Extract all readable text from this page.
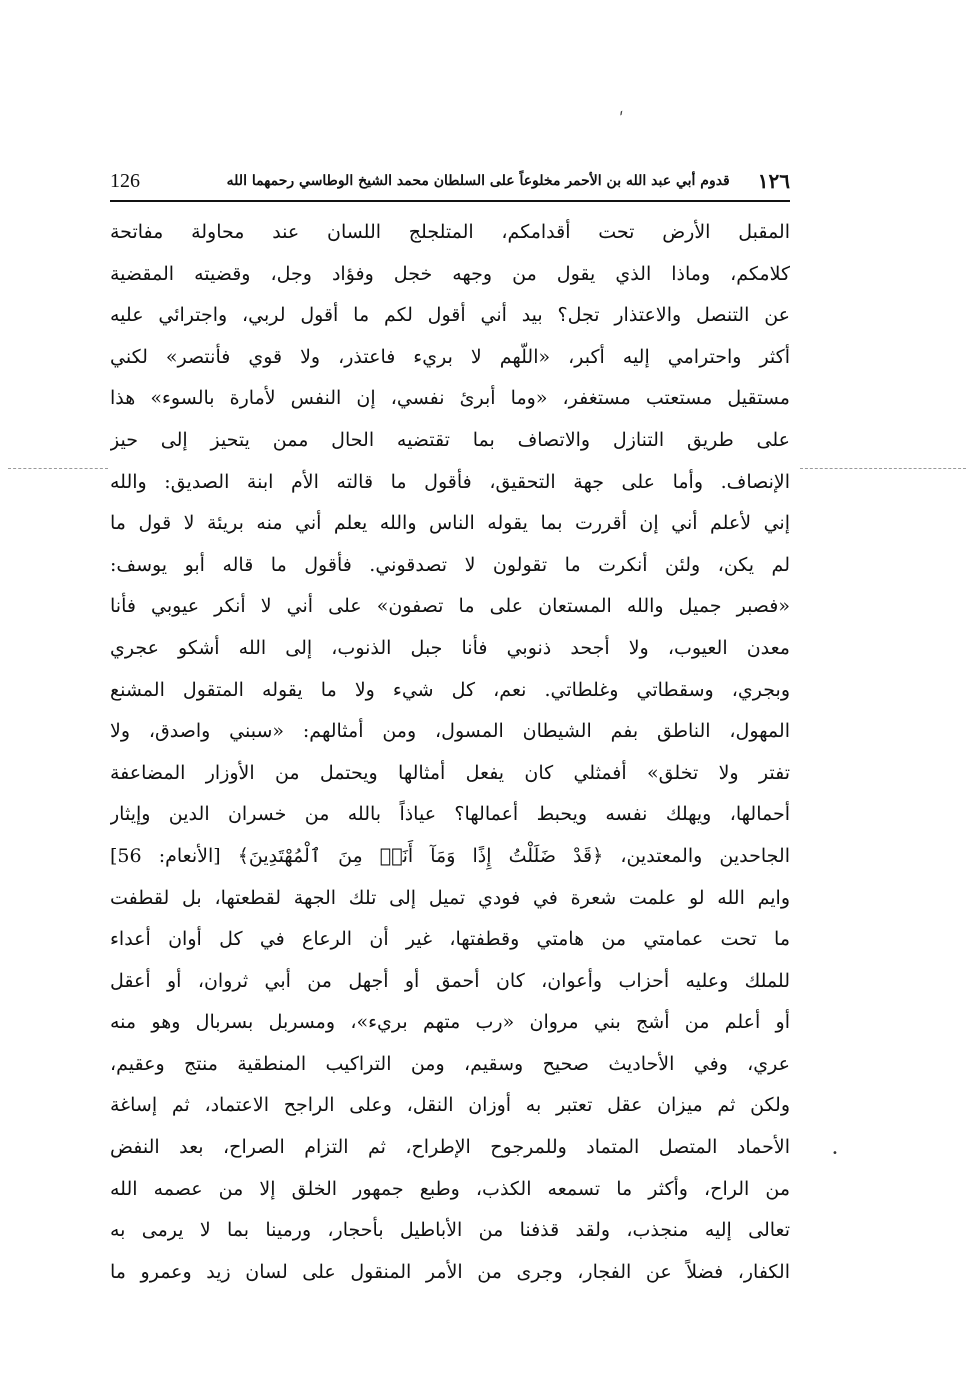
ˏ
١٢٦
قدوم أبي عبد الله بن الأحمر مخلوعاً على السلطان محمد الشيخ الوطاسي رحمهما الله
126
المقبل الأرض تحت أقدامكم، المتلجلج اللسان عند محاولة مفاتحة
كلامكم، وماذا الذي يقول من وجهه خجل وفؤاد وجل، وقضيته المقضية
عن التنصل والاعتذار تجل؟ بيد أني أقول لكم ما أقول لربي، واجترائي عليه
أكثر واحترامي إليه أكبر، «اللّهم لا بريء فاعتذر، ولا قوي فأنتصر» لكني
مستقيل مستعتب مستغفر، «وما أبرئ نفسي، إن النفس لأمارة بالسوء» هذا
على طريق التنازل والاتصاف بما تقتضيه الحال ممن يتحيز إلى حيز
الإنصاف. وأما على جهة التحقيق، فأقول ما قالته الأم ابنة الصديق: والله
إني لأعلم أني إن أقررت بما يقوله الناس والله يعلم أني منه بريئة لا قول ما
لم يكن، ولئن أنكرت ما تقولون لا تصدقوني. فأقول ما قاله أبو يوسف:
«فصبر جميل والله المستعان على ما تصفون» على أني لا أنكر عيوبي فأنا
معدن العيوب، ولا أجحد ذنوبي فأنا جبل الذنوب، إلى الله أشكو عجري
وبجري، وسقطاتي وغلطاتي. نعم، كل شيء ولا ما يقوله المتقول المشنع
المهول، الناطق بفم الشيطان المسول، ومن أمثالهم: «سبني واصدق، ولا
تفتر ولا تخلق» أفمثلي كان يفعل أمثالها ويحتمل من الأوزار المضاعفة
أحمالها، ويهلك نفسه ويحبط أعمالها؟ عياذاً بالله من خسران الدين وإيثار
الجاحدين والمعتدين، ﴿قَدْ ضَلَلْتُ إِذًا وَمَآ أَنَا۠ مِنَ ٱلْمُهْتَدِينَ﴾ [الأنعام: 56]
وايم الله لو علمت شعرة في فودي تميل إلى تلك الجهة لقطعتها، بل لقطفت
ما تحت عمامتي من هامتي وقطفتها، غير أن الرعاع في كل أوان أعداء
للملك وعليه أحزاب وأعوان، كان أحمق أو أجهل من أبي ثروان، أو أعقل
أو أعلم من أشج بني مروان «رب متهم بريء»، ومسربل بسربال وهو منه
عري، وفي الأحاديث صحيح وسقيم، ومن التراكيب المنطقية منتج وعقيم،
ولكن ثم ميزان عقل تعتبر به أوزان النقل، وعلى الراجح الاعتماد، ثم إساغة
الأحماد المتصل المتماد وللمرجوح الإطراح، ثم التزام الصراح، بعد النفض
من الراح، وأكثر ما تسمعه الكذب، وطبع جمهور الخلق إلا من عصمه الله
تعالى إليه منجذب، ولقد قذفنا من الأباطيل بأحجار، ورمينا بما لا يرمى به
الكفار، فضلاً عن الفجار، وجرى من الأمر المنقول على لسان زيد وعمرو ما
•
